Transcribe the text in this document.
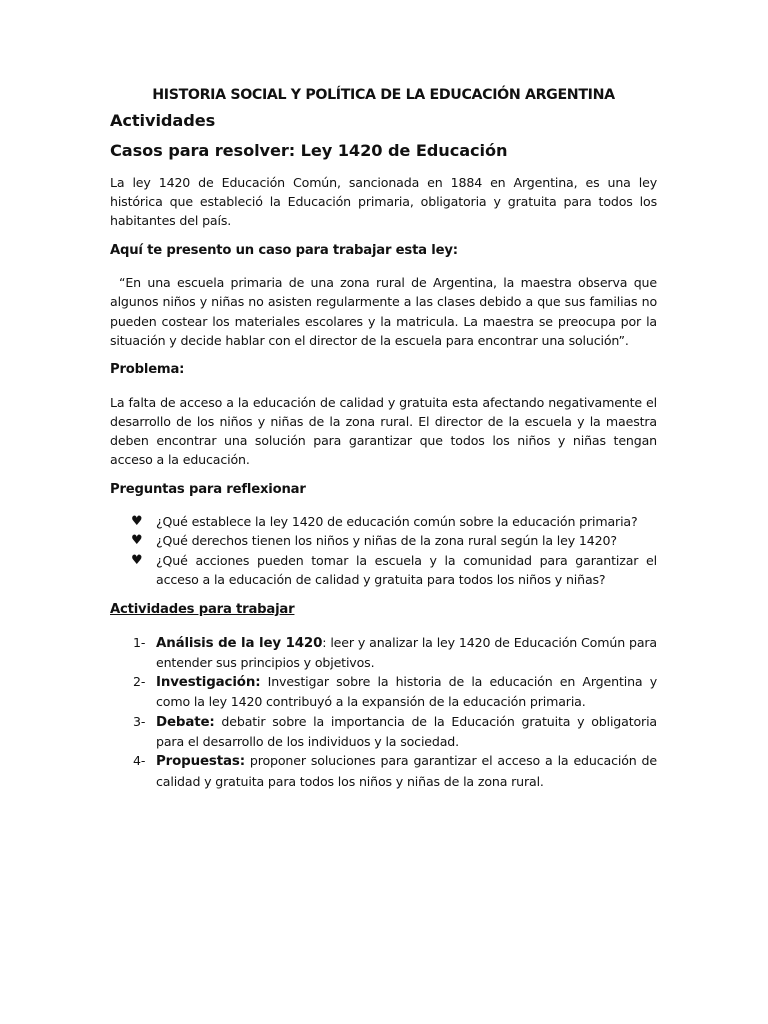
HISTORIA SOCIAL Y POLÍTICA DE LA EDUCACIÓN ARGENTINA
Actividades
Casos para resolver: Ley 1420 de Educación
La ley 1420 de Educación Común, sancionada en 1884 en Argentina, es una ley histórica que estableció la Educación primaria, obligatoria y gratuita para todos los habitantes del país.
Aquí te presento un caso para trabajar esta ley:
“En una escuela primaria de una zona rural de Argentina, la maestra observa que algunos niños y niñas no asisten regularmente a las clases debido a que sus familias no pueden costear los materiales escolares y la matricula. La maestra se preocupa por la situación y decide hablar con el director de la escuela para encontrar una solución”.
Problema:
La falta de acceso a la educación de calidad y gratuita esta afectando negativamente el desarrollo de los niños y niñas de la zona rural. El director de la escuela y la maestra deben encontrar una solución para garantizar que todos los niños y niñas tengan acceso a la educación.
Preguntas para reflexionar
♥ ¿Qué establece la ley 1420 de educación común sobre la educación primaria?
♥ ¿Qué derechos tienen los niños y niñas de la zona rural según la ley 1420?
♥ ¿Qué acciones pueden tomar la escuela y la comunidad para garantizar el acceso a la educación de calidad y gratuita para todos los niños y niñas?
Actividades para trabajar
1- Análisis de la ley 1420: leer y analizar la ley 1420 de Educación Común para entender sus principios y objetivos.
2- Investigación: Investigar sobre la historia de la educación en Argentina y como la ley 1420 contribuyó a la expansión de la educación primaria.
3- Debate: debatir sobre la importancia de la Educación gratuita y obligatoria para el desarrollo de los individuos y la sociedad.
4- Propuestas: proponer soluciones para garantizar el acceso a la educación de calidad y gratuita para todos los niños y niñas de la zona rural.
